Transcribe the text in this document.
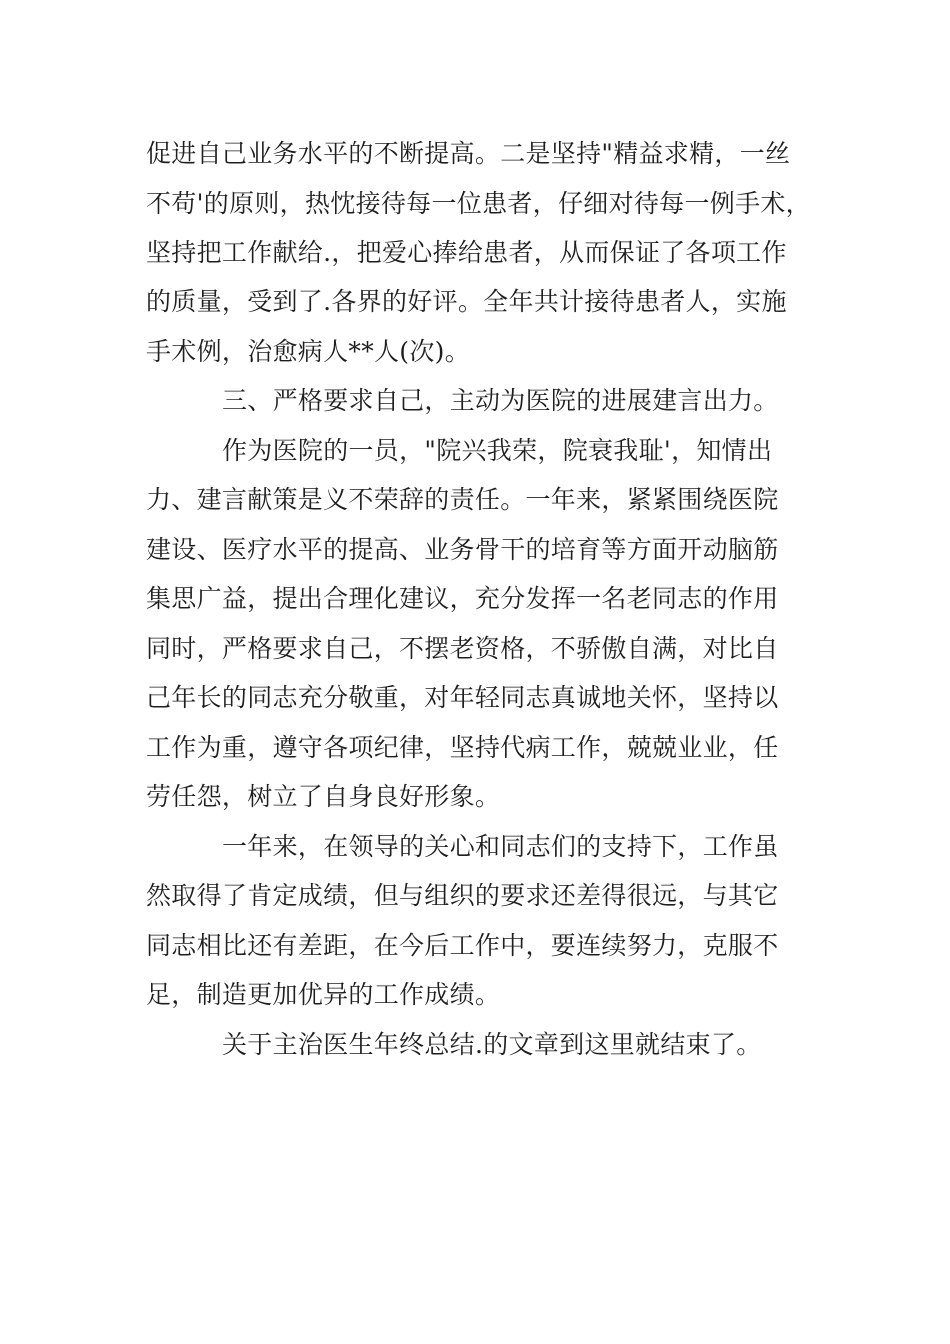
促进自己业务水平的不断提高。二是坚持"精益求精，一丝
不苟'的原则，热忱接待每一位患者，仔细对待每一例手术，
坚持把工作献给.，把爱心捧给患者，从而保证了各项工作
的质量，受到了.各界的好评。全年共计接待患者人，实施
手术例，治愈病人**人(次)。
三、严格要求自己，主动为医院的进展建言出力。
作为医院的一员，"院兴我荣，院衰我耻'，知情出
力、建言献策是义不荣辞的责任。一年来，紧紧围绕医院
建设、医疗水平的提高、业务骨干的培育等方面开动脑筋
集思广益，提出合理化建议，充分发挥一名老同志的作用
同时，严格要求自己，不摆老资格，不骄傲自满，对比自
己年长的同志充分敬重，对年轻同志真诚地关怀，坚持以
工作为重，遵守各项纪律，坚持代病工作，兢兢业业，任
劳任怨，树立了自身良好形象。
一年来，在领导的关心和同志们的支持下，工作虽
然取得了肯定成绩，但与组织的要求还差得很远，与其它
同志相比还有差距，在今后工作中，要连续努力，克服不
足，制造更加优异的工作成绩。
关于主治医生年终总结.的文章到这里就结束了。
